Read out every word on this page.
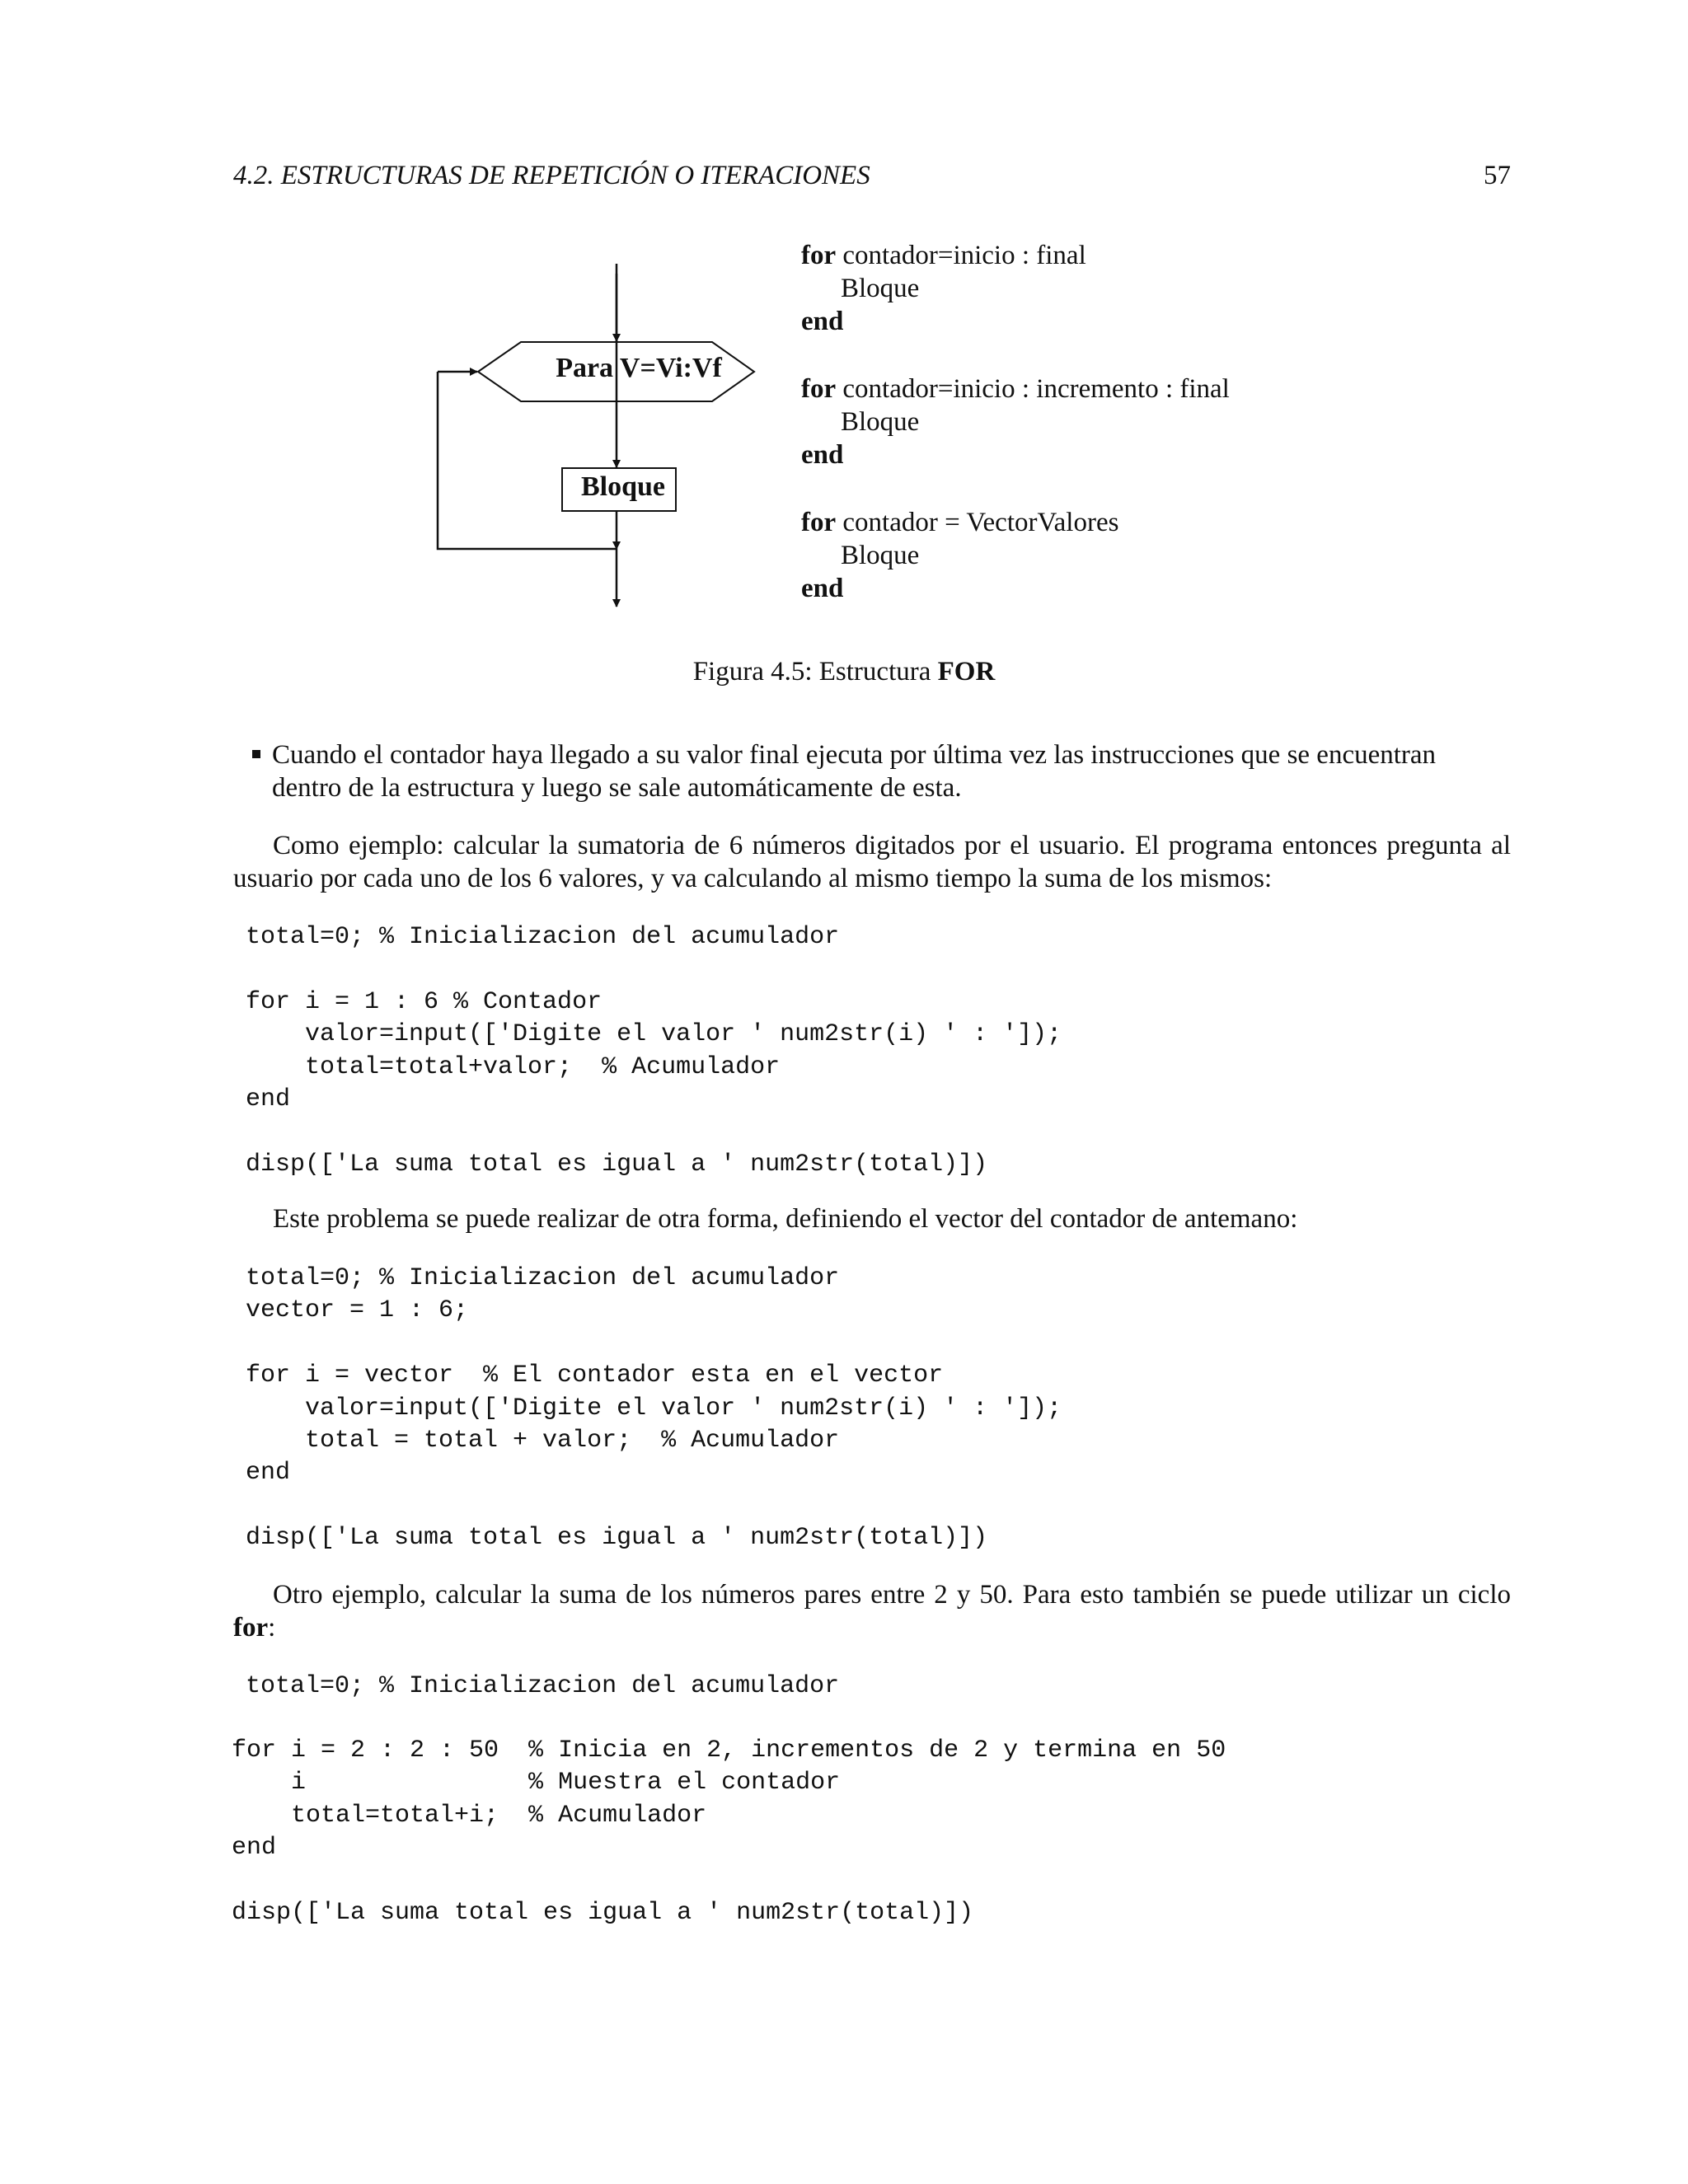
4.2. ESTRUCTURAS DE REPETICIÓN O ITERACIONES	57
Para V=Vi:Vf
Bloque
for contador=inicio : final
Bloque
end
for contador=inicio : incremento : final
Bloque
end
for contador = VectorValores
Bloque
end
Figura 4.5: Estructura FOR
Cuando el contador haya llegado a su valor final ejecuta por última vez las instrucciones que se encuentran dentro de la estructura y luego se sale automáticamente de esta.
Como ejemplo: calcular la sumatoria de 6 números digitados por el usuario. El programa entonces pregunta al usuario por cada uno de los 6 valores, y va calculando al mismo tiempo la suma de los mismos:
total=0; % Inicializacion del acumulador

for i = 1 : 6 % Contador
valor=input(['Digite el valor ' num2str(i) ' : ']);
total=total+valor;  % Acumulador
end

disp(['La suma total es igual a ' num2str(total)])
Este problema se puede realizar de otra forma, definiendo el vector del contador de antemano:
total=0; % Inicializacion del acumulador
vector = 1 : 6;

for i = vector  % El contador esta en el vector
valor=input(['Digite el valor ' num2str(i) ' : ']);
total = total + valor;  % Acumulador
end

disp(['La suma total es igual a ' num2str(total)])
Otro ejemplo, calcular la suma de los números pares entre 2 y 50. Para esto también se puede utilizar un ciclo for:
total=0; % Inicializacion del acumulador
for i = 2 : 2 : 50  % Inicia en 2, incrementos de 2 y termina en 50
i               % Muestra el contador
total=total+i;  % Acumulador
end

disp(['La suma total es igual a ' num2str(total)])
